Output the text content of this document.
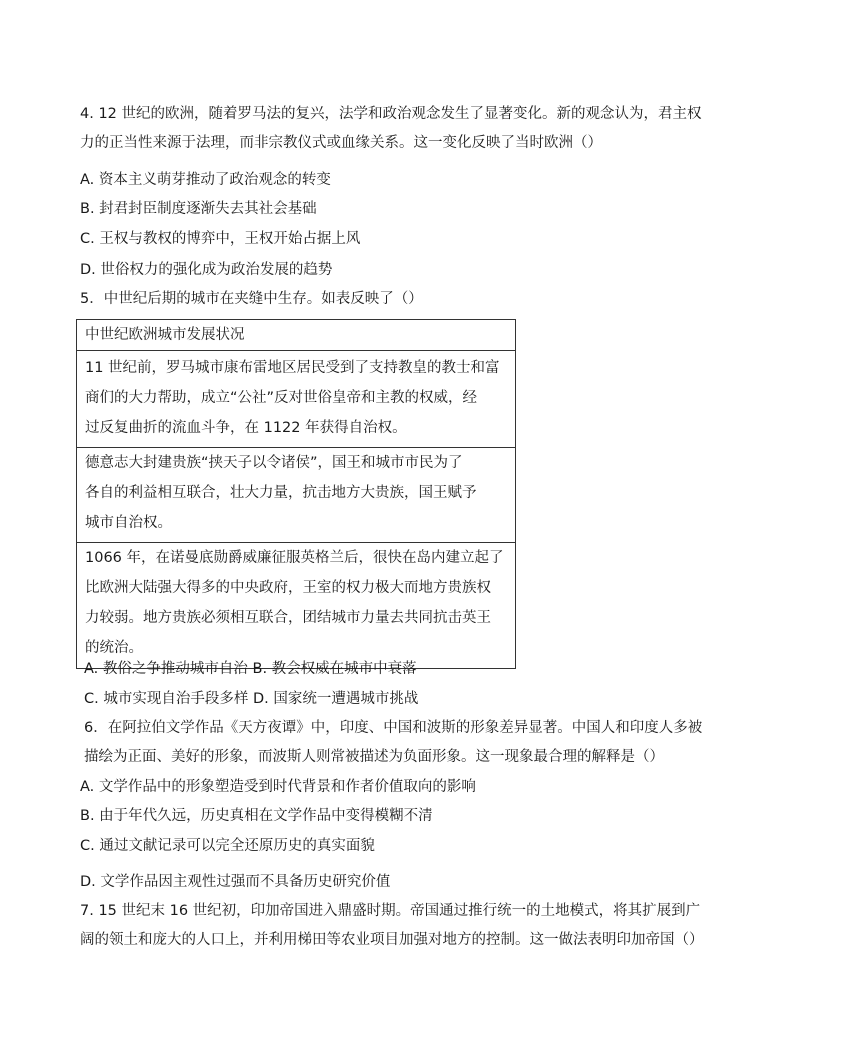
4. 12 世纪的欧洲，随着罗马法的复兴，法学和政治观念发生了显著变化。新的观念认为，君主权
力的正当性来源于法理，而非宗教仪式或血缘关系。这一变化反映了当时欧洲（）
A. 资本主义萌芽推动了政治观念的转变
B. 封君封臣制度逐渐失去其社会基础
C. 王权与教权的博弈中，王权开始占据上风
D. 世俗权力的强化成为政治发展的趋势
5．中世纪后期的城市在夹缝中生存。如表反映了（）
中世纪欧洲城市发展状况

11 世纪前，罗马城市康布雷地区居民受到了支持教皇的教士和富
商们的大力帮助，成立“公社”反对世俗皇帝和主教的权威，经
过反复曲折的流血斗争，在 1122 年获得自治权。

德意志大封建贵族“挟天子以令诸侯”，国王和城市市民为了
各自的利益相互联合，壮大力量，抗击地方大贵族，国王赋予
城市自治权。

1066 年，在诺曼底勋爵威廉征服英格兰后，很快在岛内建立起了
比欧洲大陆强大得多的中央政府，王室的权力极大而地方贵族权
力较弱。地方贵族必须相互联合，团结城市力量去共同抗击英王
的统治。
A. 教俗之争推动城市自治 B. 教会权威在城市中衰落
C. 城市实现自治手段多样 D. 国家统一遭遇城市挑战
6．在阿拉伯文学作品《天方夜谭》中，印度、中国和波斯的形象差异显著。中国人和印度人多被
描绘为正面、美好的形象，而波斯人则常被描述为负面形象。这一现象最合理的解释是（）
A. 文学作品中的形象塑造受到时代背景和作者价值取向的影响
B. 由于年代久远，历史真相在文学作品中变得模糊不清
C. 通过文献记录可以完全还原历史的真实面貌
D. 文学作品因主观性过强而不具备历史研究价值
7. 15 世纪末 16 世纪初，印加帝国进入鼎盛时期。帝国通过推行统一的土地模式，将其扩展到广
阔的领土和庞大的人口上，并利用梯田等农业项目加强对地方的控制。这一做法表明印加帝国（）
